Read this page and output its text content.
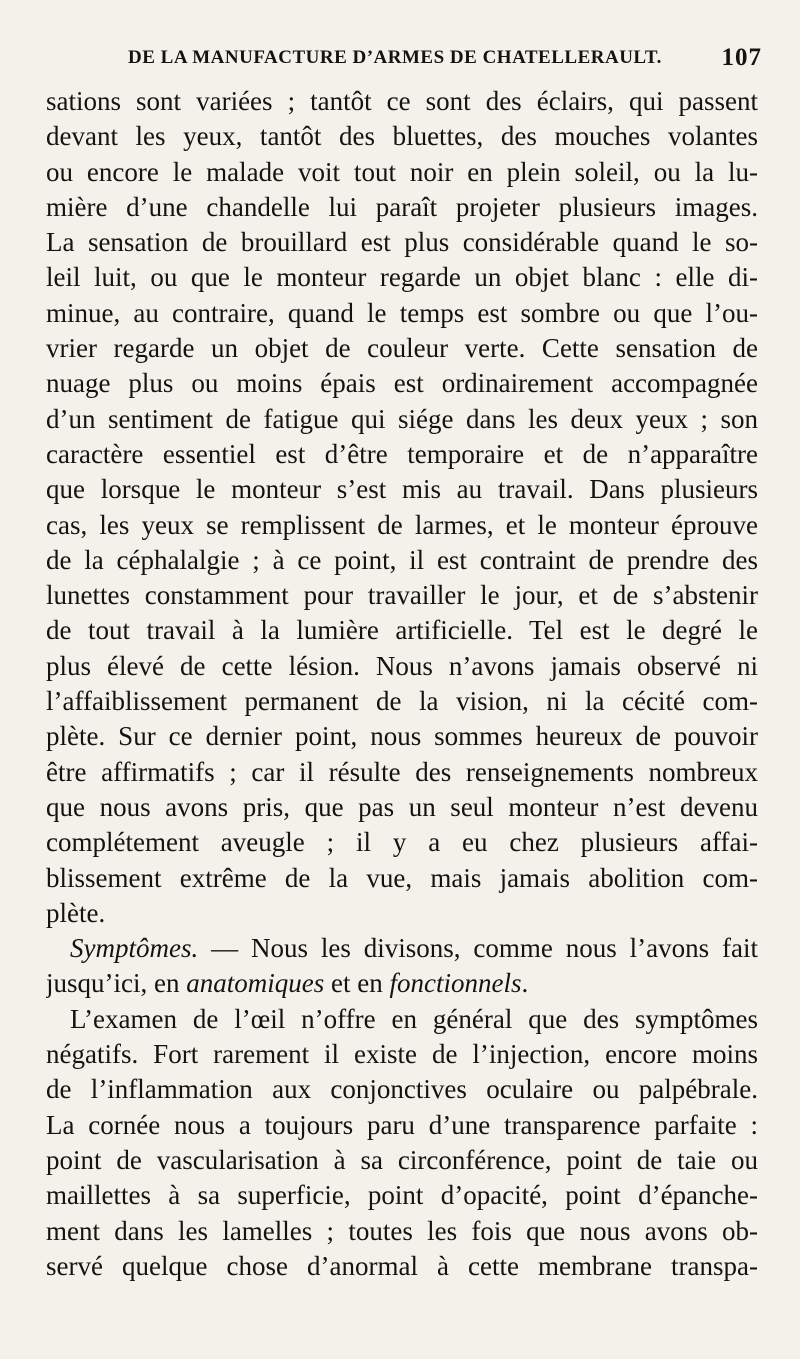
DE LA MANUFACTURE D’ARMES DE CHATELLERAULT. 107
sations sont variées ; tantôt ce sont des éclairs, qui passent
devant les yeux, tantôt des bluettes, des mouches volantes
ou encore le malade voit tout noir en plein soleil, ou la lu-
mière d’une chandelle lui paraît projeter plusieurs images.
La sensation de brouillard est plus considérable quand le so-
leil luit, ou que le monteur regarde un objet blanc : elle di-
minue, au contraire, quand le temps est sombre ou que l’ou-
vrier regarde un objet de couleur verte. Cette sensation de
nuage plus ou moins épais est ordinairement accompagnée
d’un sentiment de fatigue qui siége dans les deux yeux ; son
caractère essentiel est d’être temporaire et de n’apparaître
que lorsque le monteur s’est mis au travail. Dans plusieurs
cas, les yeux se remplissent de larmes, et le monteur éprouve
de la céphalalgie ; à ce point, il est contraint de prendre des
lunettes constamment pour travailler le jour, et de s’abstenir
de tout travail à la lumière artificielle. Tel est le degré le
plus élevé de cette lésion. Nous n’avons jamais observé ni
l’affaiblissement permanent de la vision, ni la cécité com-
plète. Sur ce dernier point, nous sommes heureux de pouvoir
être affirmatifs ; car il résulte des renseignements nombreux
que nous avons pris, que pas un seul monteur n’est devenu
complétement aveugle ; il y a eu chez plusieurs affai-
blissement extrême de la vue, mais jamais abolition com-
plète.
Symptômes. — Nous les divisons, comme nous l’avons fait
jusqu’ici, en anatomiques et en fonctionnels.
L’examen de l’œil n’offre en général que des symptômes
négatifs. Fort rarement il existe de l’injection, encore moins
de l’inflammation aux conjonctives oculaire ou palpébrale.
La cornée nous a toujours paru d’une transparence parfaite :
point de vascularisation à sa circonférence, point de taie ou
maillettes à sa superficie, point d’opacité, point d’épanche-
ment dans les lamelles ; toutes les fois que nous avons ob-
servé quelque chose d’anormal à cette membrane transpa-
